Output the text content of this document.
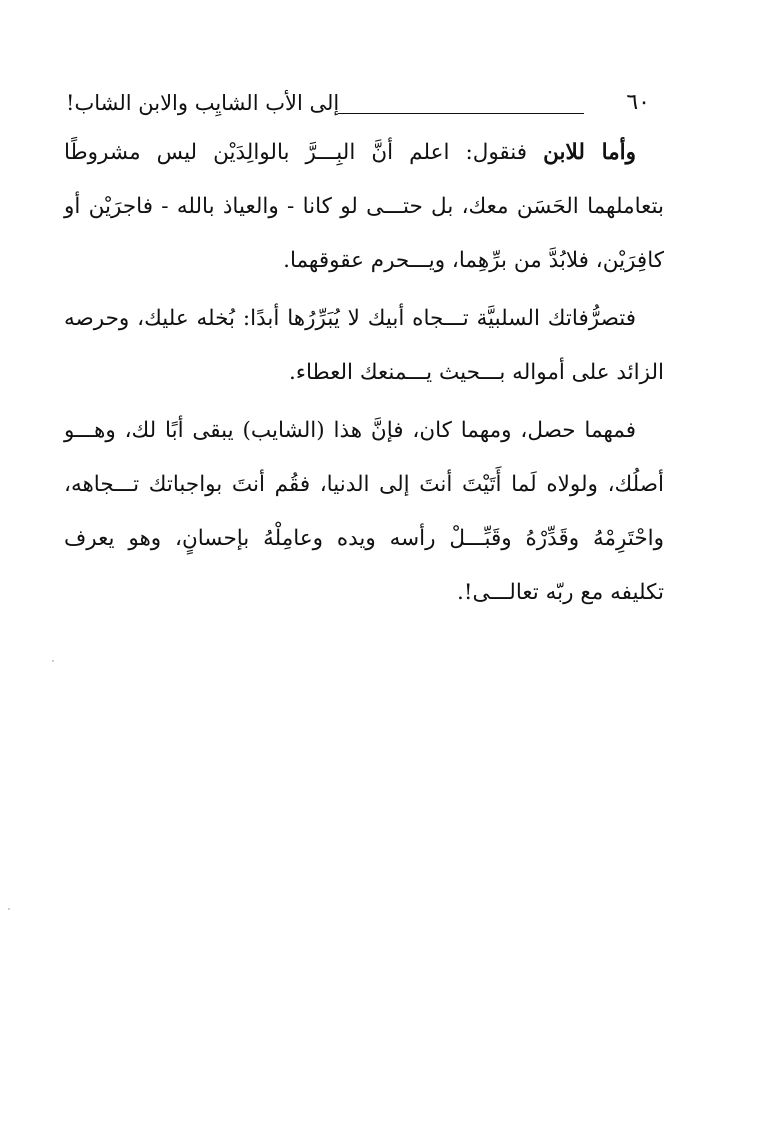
٦٠
إلى الأب الشايِب والابن الشاب!

وأما للابن فنقول: اعلم أنَّ البِـــرَّ بالوالِدَيْن ليس مشروطًا بتعاملهما الحَسَن معك، بل حتـــى لو كانا - والعياذ بالله - فاجرَيْن أو كافِرَيْن، فلابُدَّ من برِّهِما، ويـــحرم عقوقهما.

فتصرُّفاتك السلبيَّة تـــجاه أبيك لا يُبَرِّرُها أبدًا: بُخله عليك، وحرصه الزائد على أمواله بـــحيث يـــمنعك العطاء.

فمهما حصل، ومهما كان، فإنَّ هذا (الشايب) يبقى أبًا لك، وهـــو أصلُك، ولولاه لَما أَتَيْتَ أنتَ إلى الدنيا، فقُم أنتَ بواجباتك تـــجاهه، واحْتَرِمْهُ وقَدِّرْهُ وقَبِّـــلْ رأسه ويده وعامِلْهُ بإحسانٍ، وهو يعرف تكليفه مع ربّه تعالـــى!.
